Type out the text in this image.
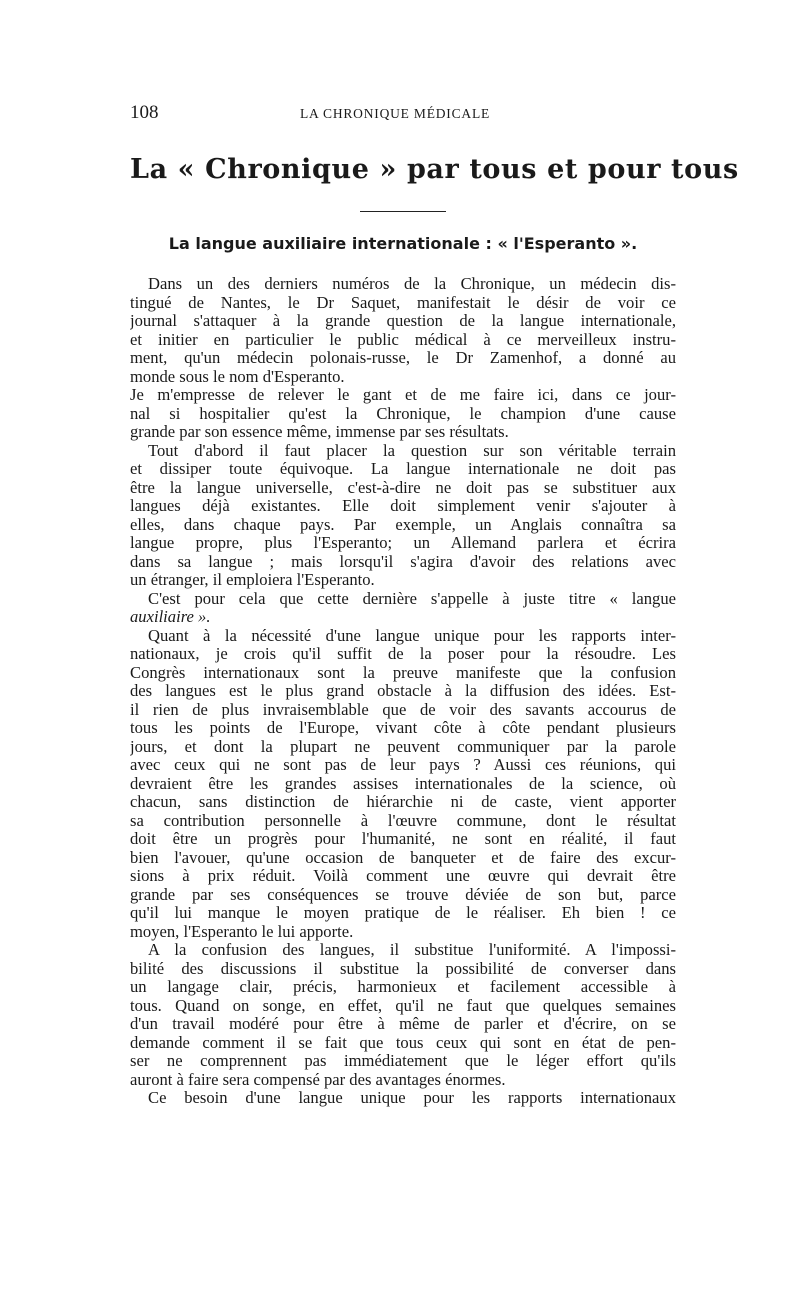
108	LA CHRONIQUE MÉDICALE
La « Chronique » par tous et pour tous
La langue auxiliaire internationale : « l'Esperanto ».
Dans un des derniers numéros de la Chronique, un médecin dis-
tingué de Nantes, le Dr Saquet, manifestait le désir de voir ce
journal s'attaquer à la grande question de la langue internationale,
et initier en particulier le public médical à ce merveilleux instru-
ment, qu'un médecin polonais-russe, le Dr Zamenhof, a donné au
monde sous le nom d'Esperanto.
Je m'empresse de relever le gant et de me faire ici, dans ce jour-
nal si hospitalier qu'est la Chronique, le champion d'une cause
grande par son essence même, immense par ses résultats.
Tout d'abord il faut placer la question sur son véritable terrain
et dissiper toute équivoque. La langue internationale ne doit pas
être la langue universelle, c'est-à-dire ne doit pas se substituer aux
langues déjà existantes. Elle doit simplement venir s'ajouter à
elles, dans chaque pays. Par exemple, un Anglais connaîtra sa
langue propre, plus l'Esperanto; un Allemand parlera et écrira
dans sa langue ; mais lorsqu'il s'agira d'avoir des relations avec
un étranger, il emploiera l'Esperanto.
C'est pour cela que cette dernière s'appelle à juste titre « langue
auxiliaire ».
Quant à la nécessité d'une langue unique pour les rapports inter-
nationaux, je crois qu'il suffit de la poser pour la résoudre. Les
Congrès internationaux sont la preuve manifeste que la confusion
des langues est le plus grand obstacle à la diffusion des idées. Est-
il rien de plus invraisemblable que de voir des savants accourus de
tous les points de l'Europe, vivant côte à côte pendant plusieurs
jours, et dont la plupart ne peuvent communiquer par la parole
avec ceux qui ne sont pas de leur pays ? Aussi ces réunions, qui
devraient être les grandes assises internationales de la science, où
chacun, sans distinction de hiérarchie ni de caste, vient apporter
sa contribution personnelle à l'œuvre commune, dont le résultat
doit être un progrès pour l'humanité, ne sont en réalité, il faut
bien l'avouer, qu'une occasion de banqueter et de faire des excur-
sions à prix réduit. Voilà comment une œuvre qui devrait être
grande par ses conséquences se trouve déviée de son but, parce
qu'il lui manque le moyen pratique de le réaliser. Eh bien ! ce
moyen, l'Esperanto le lui apporte.
A la confusion des langues, il substitue l'uniformité. A l'impossi-
bilité des discussions il substitue la possibilité de converser dans
un langage clair, précis, harmonieux et facilement accessible à
tous. Quand on songe, en effet, qu'il ne faut que quelques semaines
d'un travail modéré pour être à même de parler et d'écrire, on se
demande comment il se fait que tous ceux qui sont en état de pen-
ser ne comprennent pas immédiatement que le léger effort qu'ils
auront à faire sera compensé par des avantages énormes.
Ce besoin d'une langue unique pour les rapports internationaux
